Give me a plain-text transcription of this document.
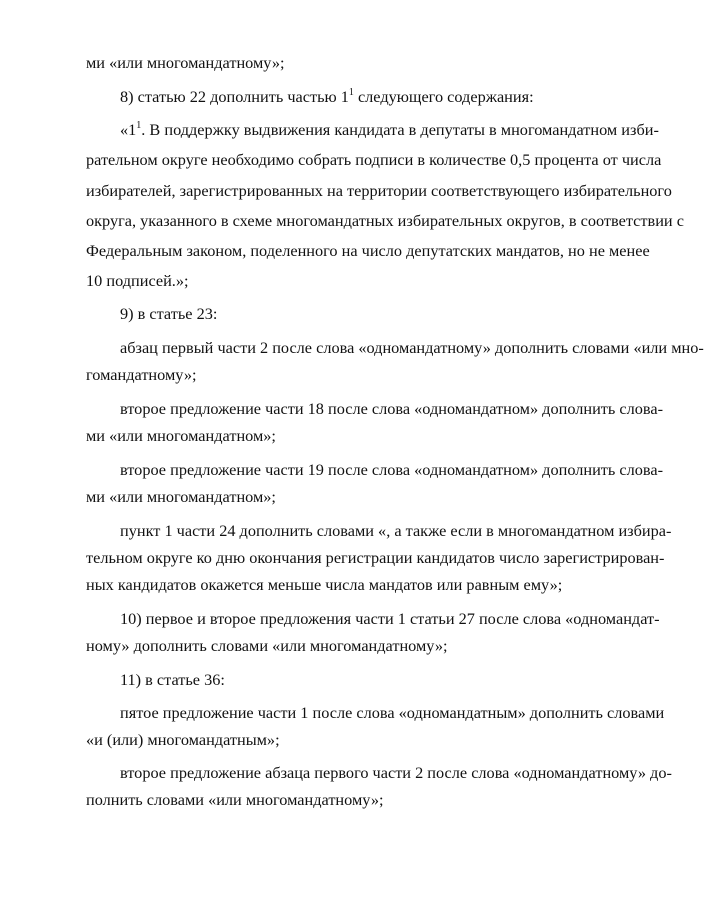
ми «или многомандатному»;
8) статью 22 дополнить частью $1^1$ следующего содержания:
«$1^1$. В поддержку выдвижения кандидата в депутаты в многомандатном изби-
рательном округе необходимо собрать подписи в количестве 0,5 процента от числа
избирателей, зарегистрированных на территории соответствующего избирательного
округа, указанного в схеме многомандатных избирательных округов, в соответствии с
Федеральным законом, поделенного на число депутатских мандатов, но не менее
10 подписей.»;
9) в статье 23:
абзац первый части 2 после слова «одномандатному» дополнить словами «или мно-
гомандатному»;
второе предложение части 18 после слова «одномандатном» дополнить слова-
ми «или многомандатном»;
второе предложение части 19 после слова «одномандатном» дополнить слова-
ми «или многомандатном»;
пункт 1 части 24 дополнить словами «, а также если в многомандатном избира-
тельном округе ко дню окончания регистрации кандидатов число зарегистрирован-
ных кандидатов окажется меньше числа мандатов или равным ему»;
10) первое и второе предложения части 1 статьи 27 после слова «одномандат-
ному» дополнить словами «или многомандатному»;
11) в статье 36:
пятое предложение части 1 после слова «одномандатным» дополнить словами
«и (или) многомандатным»;
второе предложение абзаца первого части 2 после слова «одномандатному» до-
полнить словами «или многомандатному»;
